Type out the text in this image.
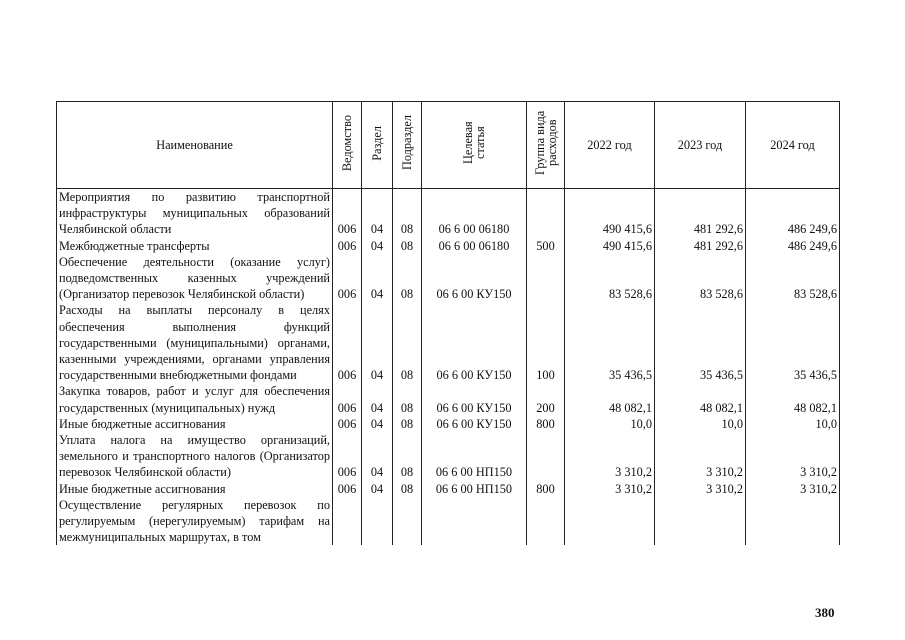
Наименование	Ведомство	Раздел	Подраздел	Целевая статья	Группа вида расходов	2022 год	2023 год	2024 год
Мероприятия по развитию транспортной инфраструктуры муниципальных образований Челябинской области	006	04	08	06 6 00 06180		490 415,6	481 292,6	486 249,6
Межбюджетные трансферты	006	04	08	06 6 00 06180	500	490 415,6	481 292,6	486 249,6
Обеспечение деятельности (оказание услуг) подведомственных казенных учреждений (Организатор перевозок Челябинской области)	006	04	08	06 6 00 КУ150		83 528,6	83 528,6	83 528,6
Расходы на выплаты персоналу в целях обеспечения выполнения функций государственными (муниципальными) органами, казенными учреждениями, органами управления государственными внебюджетными фондами	006	04	08	06 6 00 КУ150	100	35 436,5	35 436,5	35 436,5
Закупка товаров, работ и услуг для обеспечения государственных (муниципальных) нужд	006	04	08	06 6 00 КУ150	200	48 082,1	48 082,1	48 082,1
Иные бюджетные ассигнования	006	04	08	06 6 00 КУ150	800	10,0	10,0	10,0
Уплата налога на имущество организаций, земельного и транспортного налогов (Организатор перевозок Челябинской области)	006	04	08	06 6 00 НП150		3 310,2	3 310,2	3 310,2
Иные бюджетные ассигнования	006	04	08	06 6 00 НП150	800	3 310,2	3 310,2	3 310,2
Осуществление регулярных перевозок по регулируемым (нерегулируемым) тарифам на межмуниципальных маршрутах, в том								
380
